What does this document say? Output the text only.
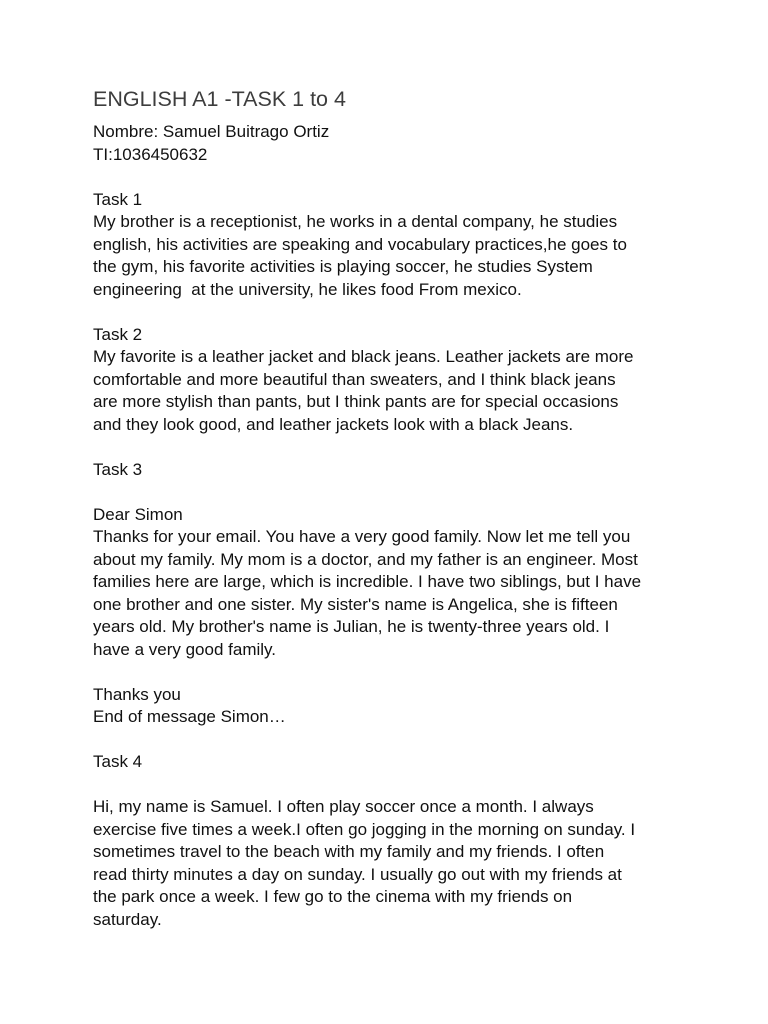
ENGLISH A1 -TASK 1 to 4
Nombre: Samuel Buitrago Ortiz
TI:1036450632
Task 1
My brother is a receptionist, he works in a dental company, he studies
english, his activities are speaking and vocabulary practices,he goes to
the gym, his favorite activities is playing soccer, he studies System
engineering  at the university, he likes food From mexico.
Task 2
My favorite is a leather jacket and black jeans. Leather jackets are more
comfortable and more beautiful than sweaters, and I think black jeans
are more stylish than pants, but I think pants are for special occasions
and they look good, and leather jackets look with a black Jeans.
Task 3
Dear Simon
Thanks for your email. You have a very good family. Now let me tell you
about my family. My mom is a doctor, and my father is an engineer. Most
families here are large, which is incredible. I have two siblings, but I have
one brother and one sister. My sister's name is Angelica, she is fifteen
years old. My brother's name is Julian, he is twenty-three years old. I
have a very good family.
Thanks you
End of message Simon…
Task 4
Hi, my name is Samuel. I often play soccer once a month. I always
exercise five times a week.I often go jogging in the morning on sunday. I
sometimes travel to the beach with my family and my friends. I often
read thirty minutes a day on sunday. I usually go out with my friends at
the park once a week. I few go to the cinema with my friends on
saturday.
